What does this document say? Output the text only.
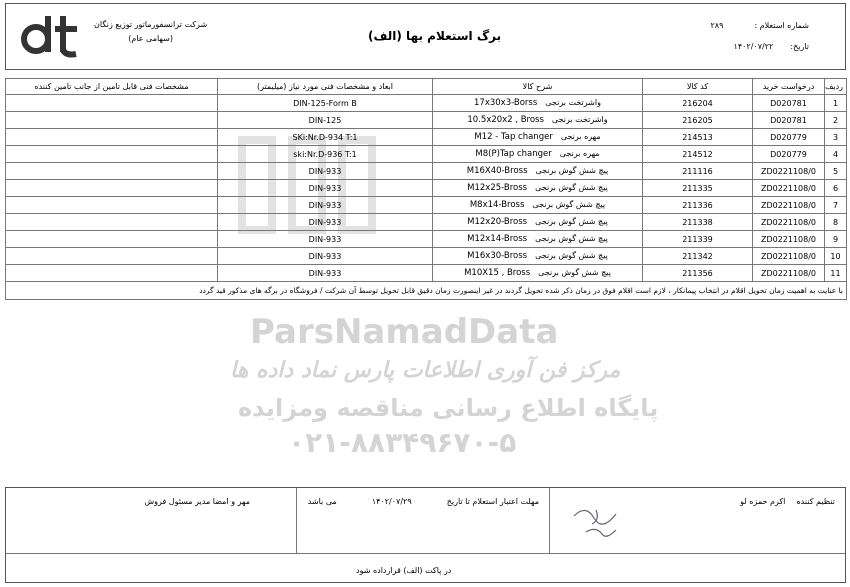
شرکت ترانسفورماتور توزیع زنگان
(سهامی عام)	برگ استعلام بها (الف)
شماره استعلام :  ۲۸۹
تاریخ:  ۱۴۰۲/۰۷/۲۲
ParsNamadData
مرکز فن آوری اطلاعات پارس نماد داده ها
پایگاه اطلاع رسانی مناقصه ومزایده
۰۲۱-۸۸۳۴۹۶۷۰-۵
ردیف	درخواست خرید	کد کالا	شرح کالا	ابعاد و مشخصات فنی مورد نیاز (میلیمتر)	مشخصات فنی قابل تامین از جانب تامین کننده
1	D020781	216204	واشرتخت برنجی17x30x3-Borss	DIN-125-Form B	
2	D020781	216205	واشرتخت برنجی10.5x20x2 , Bross	DIN-125	
3	D020779	214513	مهره برنجیM12 - Tap changer	SKi:Nr.D-934 T:1	
4	D020779	214512	مهره برنجیM8(P)Tap changer	ski:Nr.D-936 T:1	
5	ZD0221108/0	211116	پیچ شش گوش برنجیM16X40-Bross	DIN-933	
6	ZD0221108/0	211335	پیچ شش گوش برنجیM12x25-Bross	DIN-933	
7	ZD0221108/0	211336	پیچ شش گوش برنجیM8x14-Bross	DIN-933	
8	ZD0221108/0	211338	پیچ شش گوش برنجیM12x20-Bross	DIN-933	
9	ZD0221108/0	211339	پیچ شش گوش برنجیM12x14-Bross	DIN-933	
10	ZD0221108/0	211342	پیچ شش گوش برنجیM16x30-Bross	DIN-933	
11	ZD0221108/0	211356	پیچ شش گوش برنجیM10X15 , Bross	DIN-933	
با عنایت به اهمیت زمان تحویل اقلام در انتخاب پیمانکار ، لازم است اقلام فوق در زمان ذکر شده تحویل گردند در غیر اینصورت زمان دقیق قابل تحویل توسط آن شرکت / فروشگاه در برگه های مذکور قید گردد					
تنظیم کننده  اکرم حمزه لو
مهلت اعتبار استعلام تا تاریخ  ۱۴۰۲/۰۷/۲۹  می باشد
مهر و امضا مدیر مسئول فروش
در پاکت (الف) قرارداده شود
